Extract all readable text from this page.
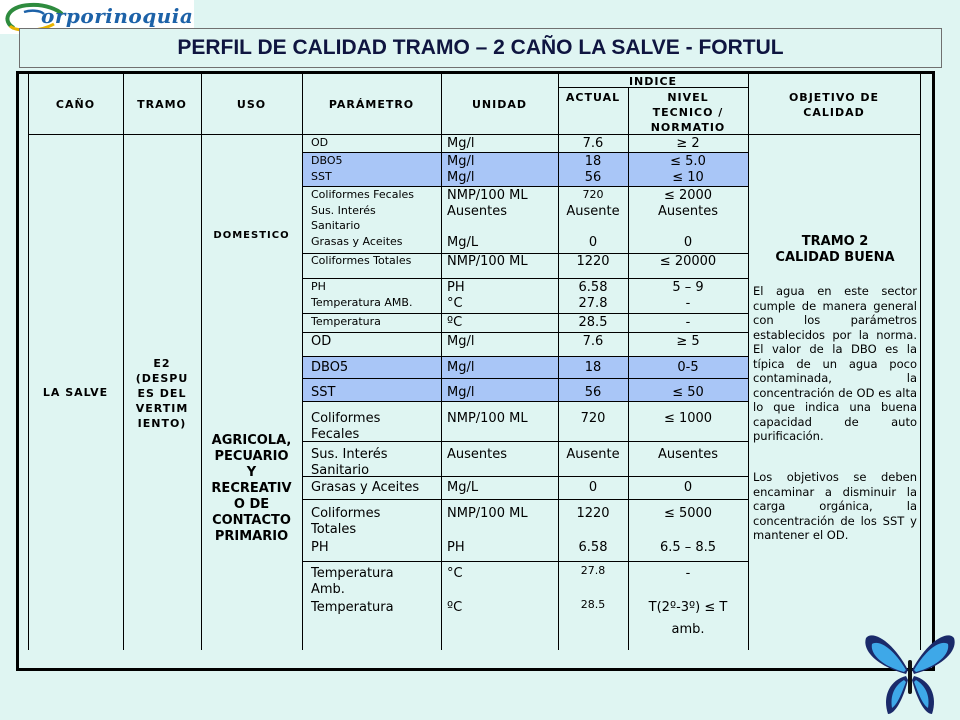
orporinoquia
PERFIL DE CALIDAD TRAMO – 2 CAÑO LA SALVE - FORTUL
CAÑO	TRAMO	USO	PARÁMETRO	UNIDAD
INDICE
ACTUAL	NIVEL
TECNICO /
NORMATIO
OBJETIVO DE
CALIDAD
LA SALVE
E2
(DESPU
ES DEL
VERTIM
IENTO)
DOMESTICO
AGRICOLA,
PECUARIO
Y
RECREATIV
O DE
CONTACTO
PRIMARIO
OD	Mg/l	7.6	≥ 2
DBO5	Mg/l	18	≤ 5.0
SST	Mg/l	56	≤ 10
Coliformes Fecales	NMP/100 ML	720	≤ 2000
Sus. Interés	Ausentes	Ausente	Ausentes
Sanitario
Grasas y Aceites	Mg/L	0	0
Coliformes Totales	NMP/100 ML	1220	≤ 20000
PH	PH	6.58	5 – 9
Temperatura AMB.	°C	27.8	-
Temperatura	ºC	28.5	-
OD	Mg/l	7.6	≥ 5
DBO5	Mg/l	18	0-5
SST	Mg/l	56	≤ 50
Coliformes
Fecales
NMP/100 ML	720	≤ 1000
Sus. Interés
Sanitario
Ausentes	Ausente	Ausentes
Grasas y Aceites Mg/L	0	0
Coliformes
Totales
NMP/100 ML	1220	≤ 5000
PH	PH	6.58	6.5 – 8.5
Temperatura
Amb.
°C	27.8	-
Temperatura	ºC	28.5	T(2º-3º) ≤ T
amb.
TRAMO 2
CALIDAD BUENA
El agua en este sector cumple de manera general con los parámetros establecidos por la norma. El valor de la DBO es la típica de un agua poco contaminada, la concentración de OD es alta lo que indica una buena capacidad de auto purificación.
Los objetivos se deben encaminar a disminuir la carga orgánica, la concentración de los SST y mantener el OD.
